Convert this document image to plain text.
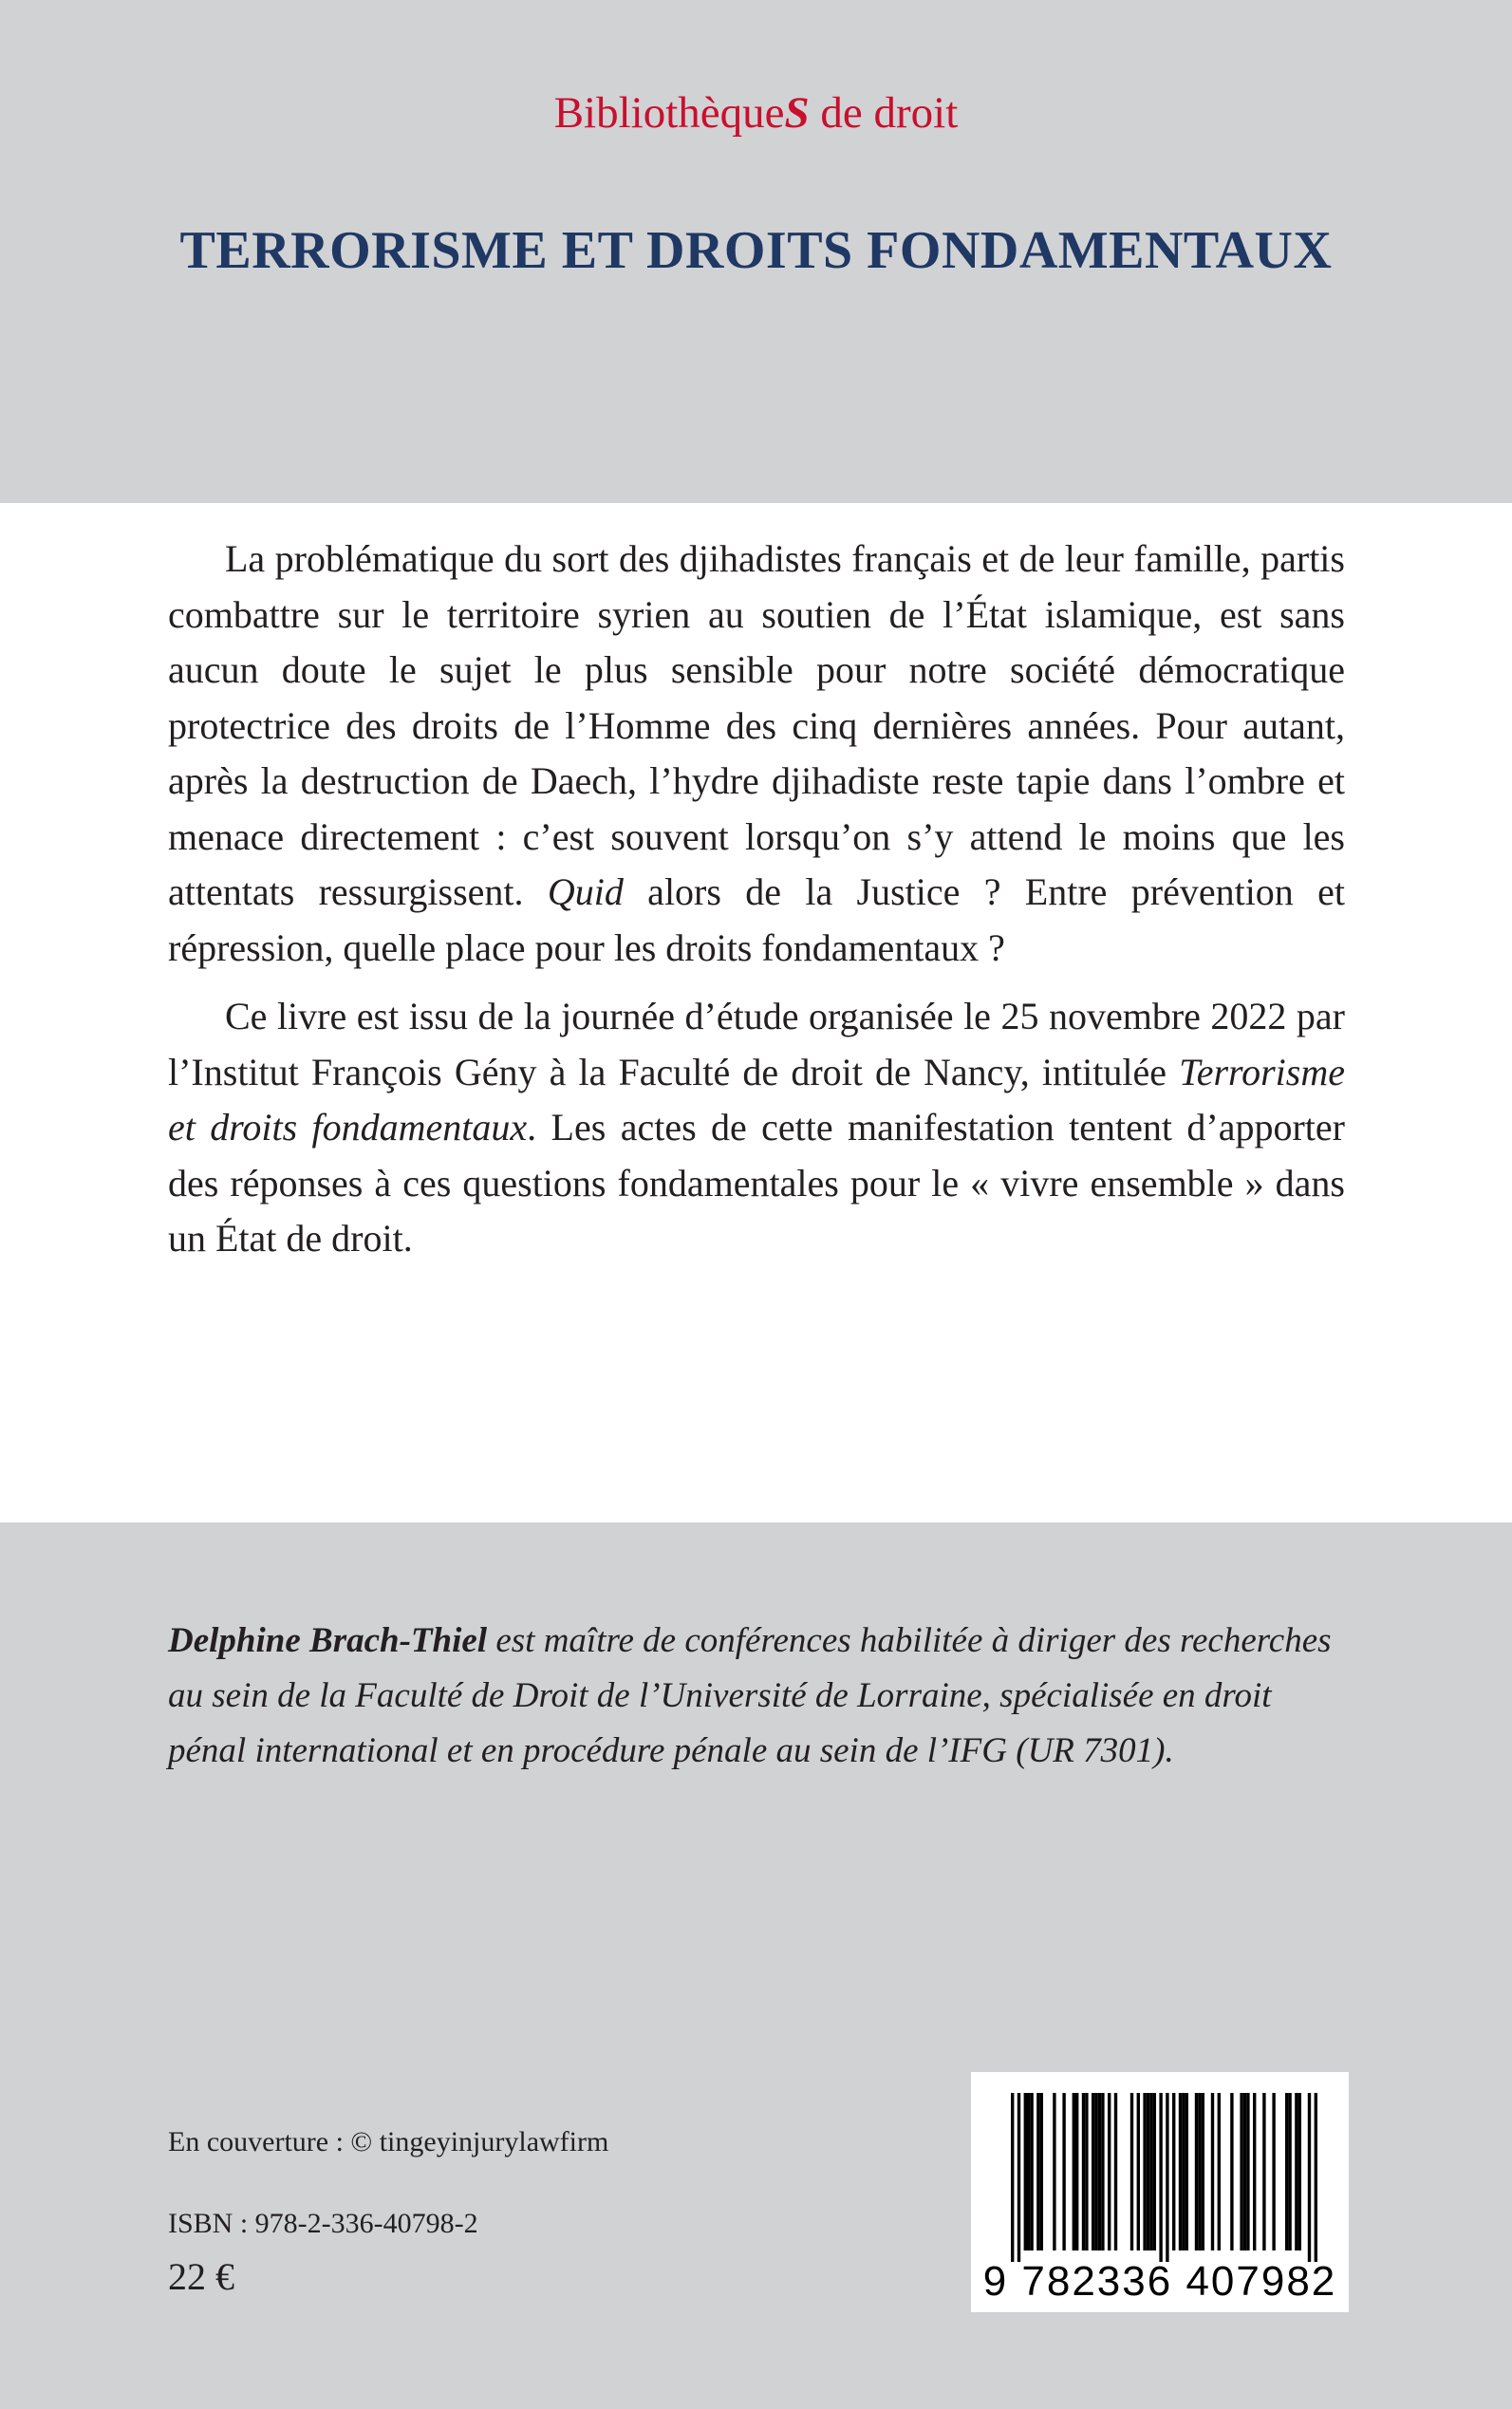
BibliothèqueS de droit
TERRORISME ET DROITS FONDAMENTAUX

La problématique du sort des djihadistes français et de leur famille, partis combattre sur le territoire syrien au soutien de l’État islamique, est sans aucun doute le sujet le plus sensible pour notre société démocratique protectrice des droits de l’Homme des cinq dernières années. Pour autant, après la destruction de Daech, l’hydre djihadiste reste tapie dans l’ombre et menace directement : c’est souvent lorsqu’on s’y attend le moins que les attentats ressurgissent. Quid alors de la Justice ? Entre prévention et répression, quelle place pour les droits fondamentaux ?

Ce livre est issu de la journée d’étude organisée le 25 novembre 2022 par l’Institut François Gény à la Faculté de droit de Nancy, intitulée Terrorisme et droits fondamentaux. Les actes de cette manifestation tentent d’apporter des réponses à ces questions fondamentales pour le « vivre ensemble » dans un État de droit.

Delphine Brach-Thiel est maître de conférences habilitée à diriger des recherches au sein de la Faculté de Droit de l’Université de Lorraine, spécialisée en droit pénal international et en procédure pénale au sein de l’IFG (UR 7301).
En couverture : © tingeyinjurylawfirm
ISBN : 978-2-336-40798-2
22 €	9 782336 407982
